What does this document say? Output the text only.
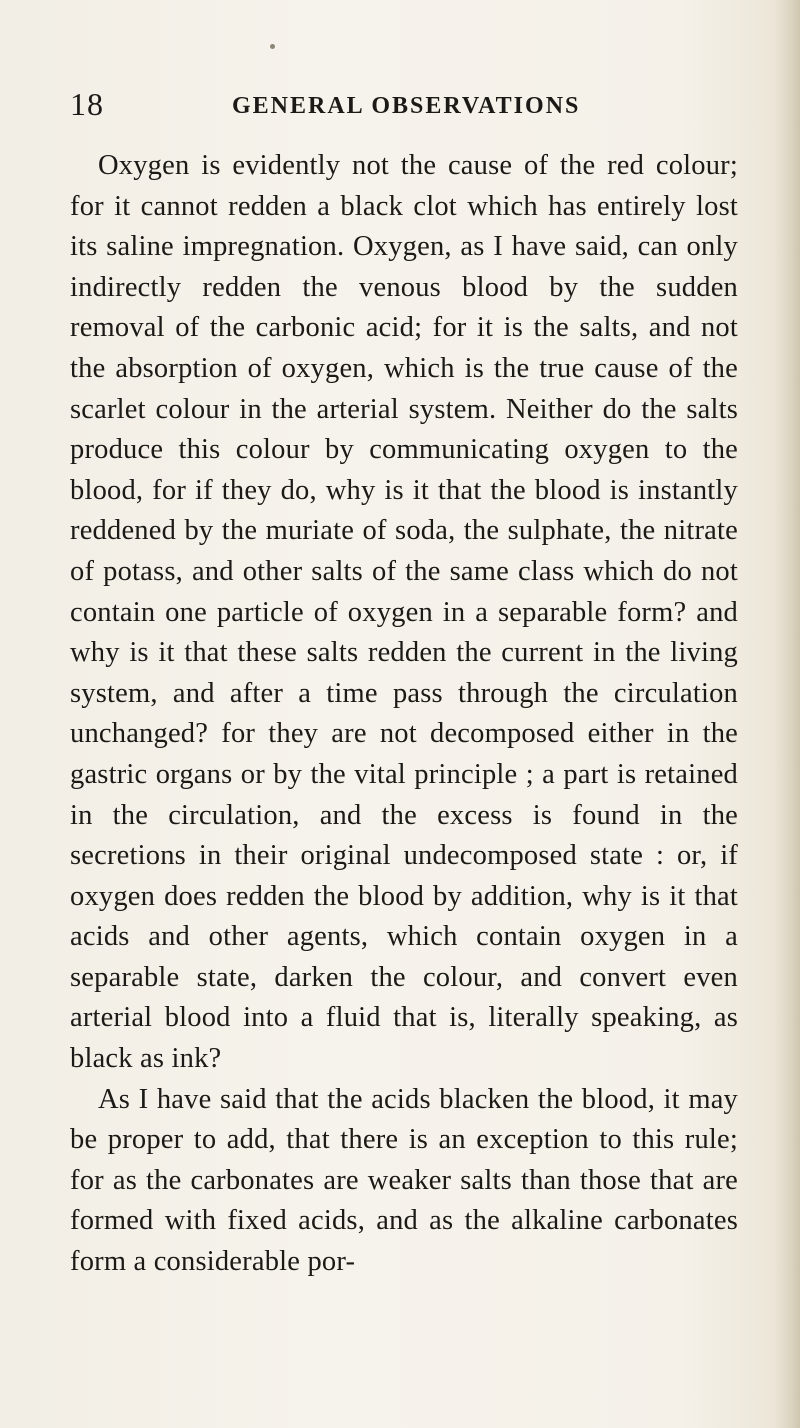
18	GENERAL OBSERVATIONS

Oxygen is evidently not the cause of the red colour; for it cannot redden a black clot which has entirely lost its saline impregnation. Oxygen, as I have said, can only indirectly redden the venous blood by the sudden removal of the carbonic acid; for it is the salts, and not the absorption of oxygen, which is the true cause of the scarlet colour in the arterial system. Neither do the salts produce this colour by communicating oxygen to the blood, for if they do, why is it that the blood is instantly reddened by the muriate of soda, the sulphate, the nitrate of potass, and other salts of the same class which do not contain one particle of oxygen in a separable form? and why is it that these salts redden the current in the living system, and after a time pass through the circulation unchanged? for they are not decomposed either in the gastric organs or by the vital principle ; a part is retained in the circulation, and the excess is found in the secretions in their original undecomposed state : or, if oxygen does redden the blood by addition, why is it that acids and other agents, which contain oxygen in a separable state, darken the colour, and convert even arterial blood into a fluid that is, literally speaking, as black as ink?

As I have said that the acids blacken the blood, it may be proper to add, that there is an exception to this rule; for as the carbonates are weaker salts than those that are formed with fixed acids, and as the alkaline carbonates form a considerable por-
